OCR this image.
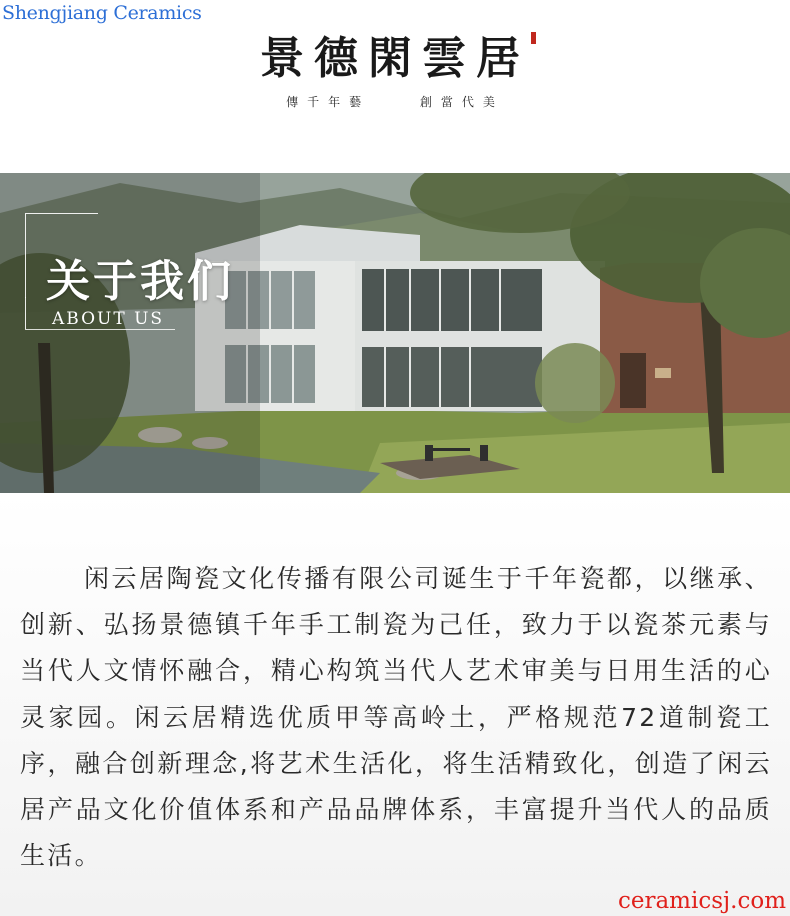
Shengjiang Ceramics
景德閑雲居
傳千年藝	創當代美
关于我们
ABOUT US
闲云居陶瓷文化传播有限公司诞生于千年瓷都，以继承、创新、弘扬景德镇千年手工制瓷为己任，致力于以瓷茶元素与当代人文情怀融合，精心构筑当代人艺术审美与日用生活的心灵家园。闲云居精选优质甲等高岭土，严格规范72道制瓷工序，融合创新理念,将艺术生活化，将生活精致化，创造了闲云居产品文化价值体系和产品品牌体系，丰富提升当代人的品质生活。
ceramicsj.com
